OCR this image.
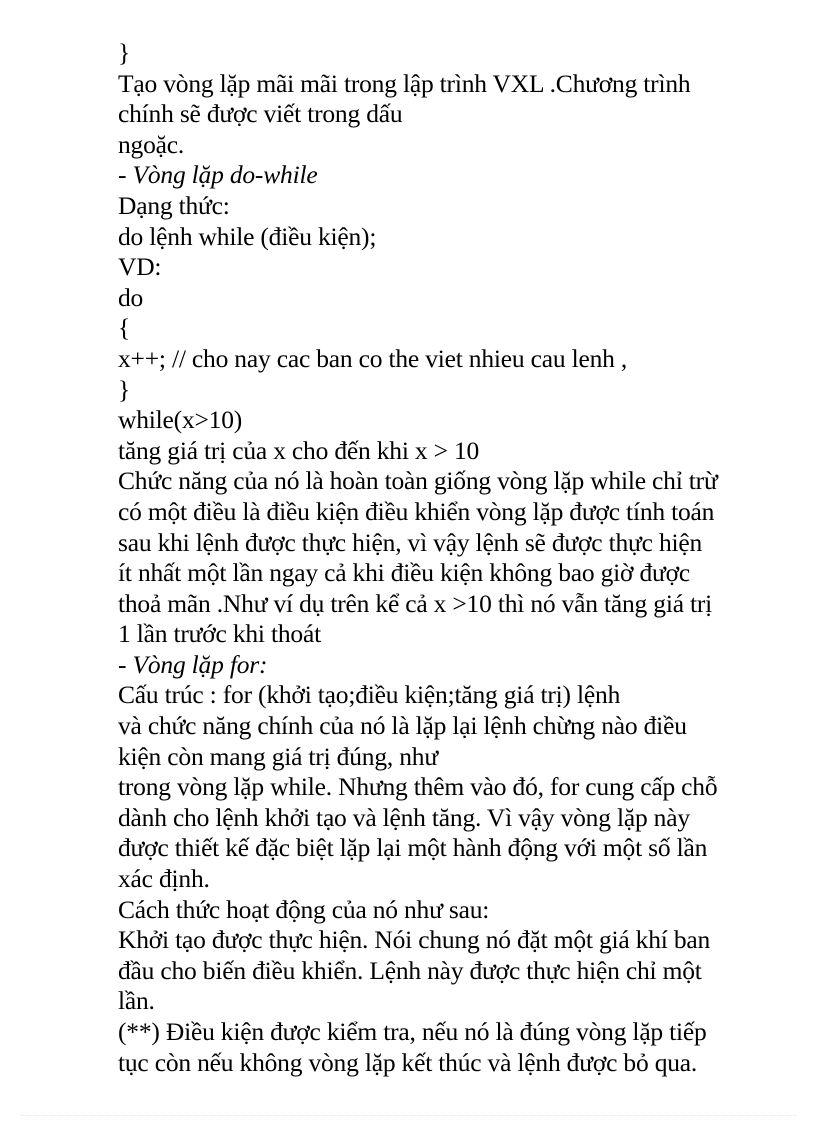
}
Tạo vòng lặp mãi mãi trong lập trình VXL .Chương trình
chính sẽ được viết trong dấu
ngoặc.
- Vòng lặp do-while
Dạng thức:
do lệnh while (điều kiện);
VD:
do
{
x++; // cho nay cac ban co the viet nhieu cau lenh ,
}
while(x>10)
tăng giá trị của x cho đến khi x > 10
Chức năng của nó là hoàn toàn giống vòng lặp while chỉ trừ
có một điều là điều kiện điều khiển vòng lặp được tính toán
sau khi lệnh được thực hiện, vì vậy lệnh sẽ được thực hiện
ít nhất một lần ngay cả khi điều kiện không bao giờ được
thoả mãn .Như ví dụ trên kể cả x >10 thì nó vẫn tăng giá trị
1 lần trước khi thoát
- Vòng lặp for:
Cấu trúc : for (khởi tạo;điều kiện;tăng giá trị) lệnh
và chức năng chính của nó là lặp lại lệnh chừng nào điều
kiện còn mang giá trị đúng, như
trong vòng lặp while. Nhưng thêm vào đó, for cung cấp chỗ
dành cho lệnh khởi tạo và lệnh tăng. Vì vậy vòng lặp này
được thiết kế đặc biệt lặp lại một hành động với một số lần
xác định.
Cách thức hoạt động của nó như sau:
Khởi tạo được thực hiện. Nói chung nó đặt một giá khí ban
đầu cho biến điều khiển. Lệnh này được thực hiện chỉ một
lần.
(**) Điều kiện được kiểm tra, nếu nó là đúng vòng lặp tiếp
tục còn nếu không vòng lặp kết thúc và lệnh được bỏ qua.
